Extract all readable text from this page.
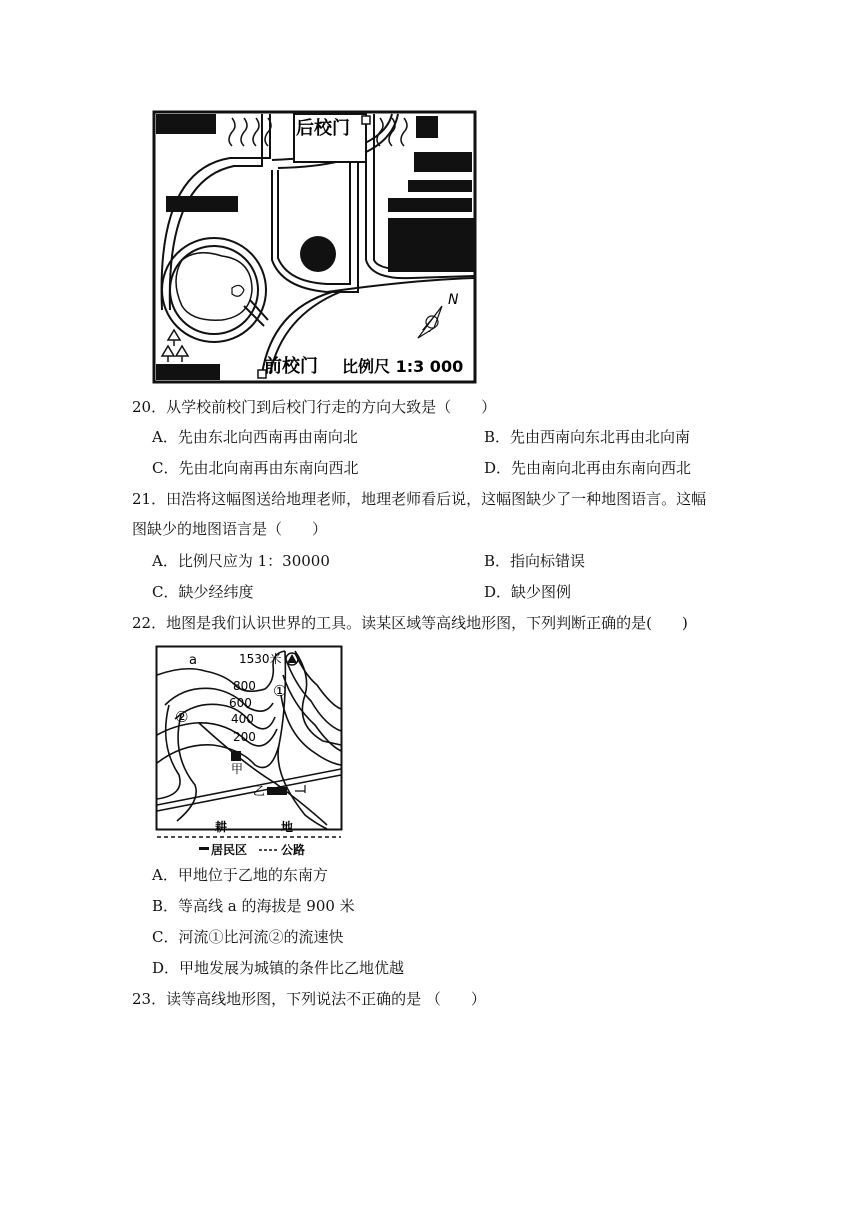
后校门
N
前校门 比例尺 1:3 000
20．从学校前校门到后校门行走的方向大致是（　　）
A．先由东北向西南再由南向北	B．先由西南向东北再由北向南
C．先由北向南再由东南向西北	D．先由南向北再由东南向西北
21．田浩将这幅图送给地理老师，地理老师看后说，这幅图缺少了一种地图语言。这幅
图缺少的地图语言是（　　）
A．比例尺应为 1：30000	B．指向标错误
C．缺少经纬度	D．缺少图例
22．地图是我们认识世界的工具。读某区域等高线地形图，下列判断正确的是(　　)
a	1530米
800
600
400
200
①
②
甲
乙
耕	地
居民区	公路
A．甲地位于乙地的东南方
B．等高线 a 的海拔是 900 米
C．河流①比河流②的流速快
D．甲地发展为城镇的条件比乙地优越
23．读等高线地形图，下列说法不正确的是 （　　）
